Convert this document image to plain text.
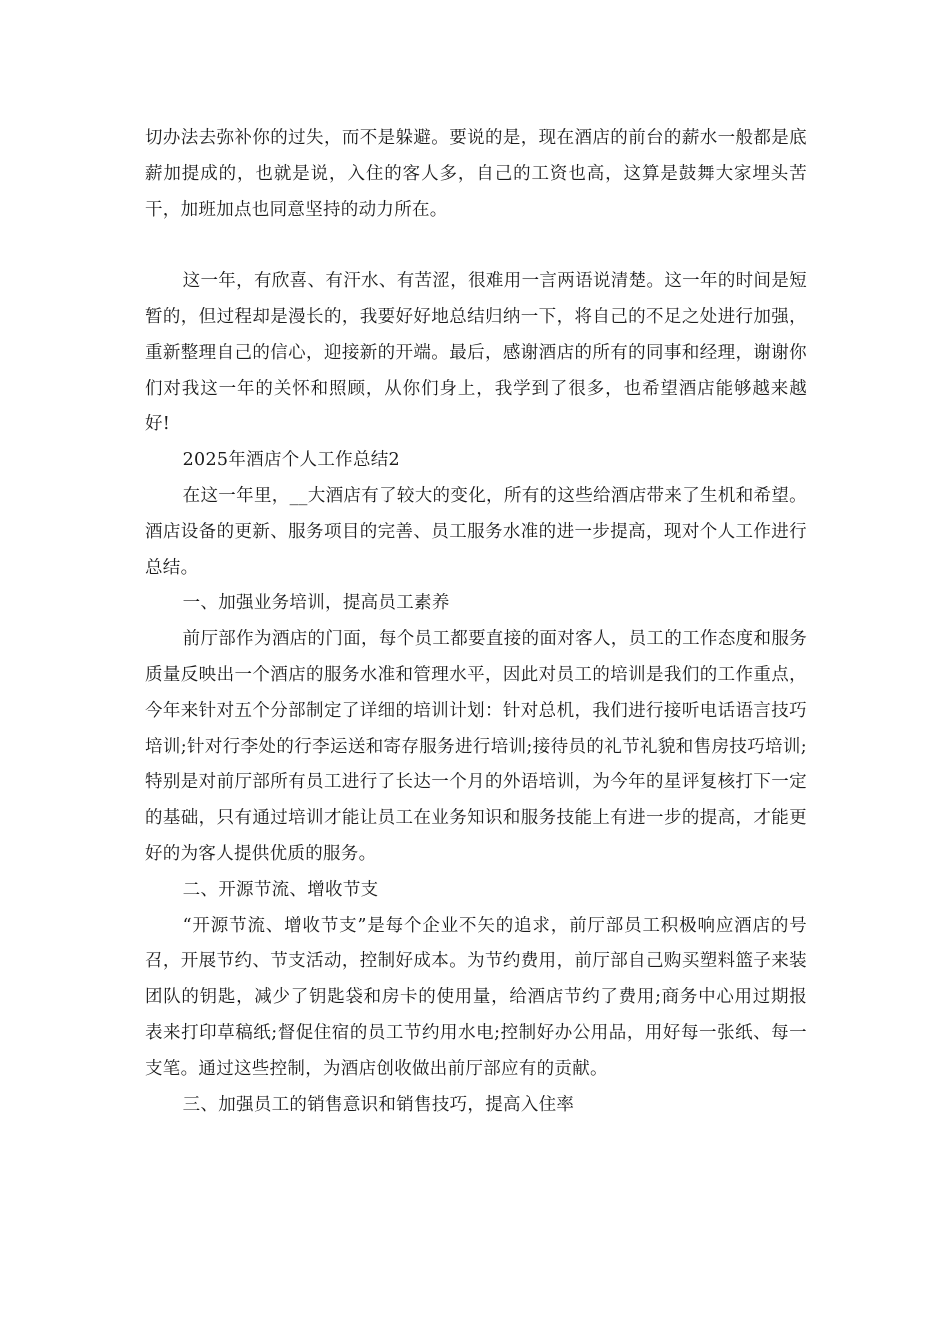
切办法去弥补你的过失，而不是躲避。要说的是，现在酒店的前台的薪水一般都是底薪加提成的，也就是说，入住的客人多，自己的工资也高，这算是鼓舞大家埋头苦干，加班加点也同意坚持的动力所在。

这一年，有欣喜、有汗水、有苦涩，很难用一言两语说清楚。这一年的时间是短暂的，但过程却是漫长的，我要好好地总结归纳一下，将自己的不足之处进行加强，重新整理自己的信心，迎接新的开端。最后，感谢酒店的所有的同事和经理，谢谢你们对我这一年的关怀和照顾，从你们身上，我学到了很多，也希望酒店能够越来越好!

2025年酒店个人工作总结2

在这一年里，__大酒店有了较大的变化，所有的这些给酒店带来了生机和希望。酒店设备的更新、服务项目的完善、员工服务水准的进一步提高，现对个人工作进行总结。

一、加强业务培训，提高员工素养

前厅部作为酒店的门面，每个员工都要直接的面对客人，员工的工作态度和服务质量反映出一个酒店的服务水准和管理水平，因此对员工的培训是我们的工作重点，今年来针对五个分部制定了详细的培训计划：针对总机，我们进行接听电话语言技巧培训;针对行李处的行李运送和寄存服务进行培训;接待员的礼节礼貌和售房技巧培训;特别是对前厅部所有员工进行了长达一个月的外语培训，为今年的星评复核打下一定的基础，只有通过培训才能让员工在业务知识和服务技能上有进一步的提高，才能更好的为客人提供优质的服务。

二、开源节流、增收节支

“开源节流、增收节支”是每个企业不矢的追求，前厅部员工积极响应酒店的号召，开展节约、节支活动，控制好成本。为节约费用，前厅部自己购买塑料篮子来装团队的钥匙，减少了钥匙袋和房卡的使用量，给酒店节约了费用;商务中心用过期报表来打印草稿纸;督促住宿的员工节约用水电;控制好办公用品，用好每一张纸、每一支笔。通过这些控制，为酒店创收做出前厅部应有的贡献。

三、加强员工的销售意识和销售技巧，提高入住率
